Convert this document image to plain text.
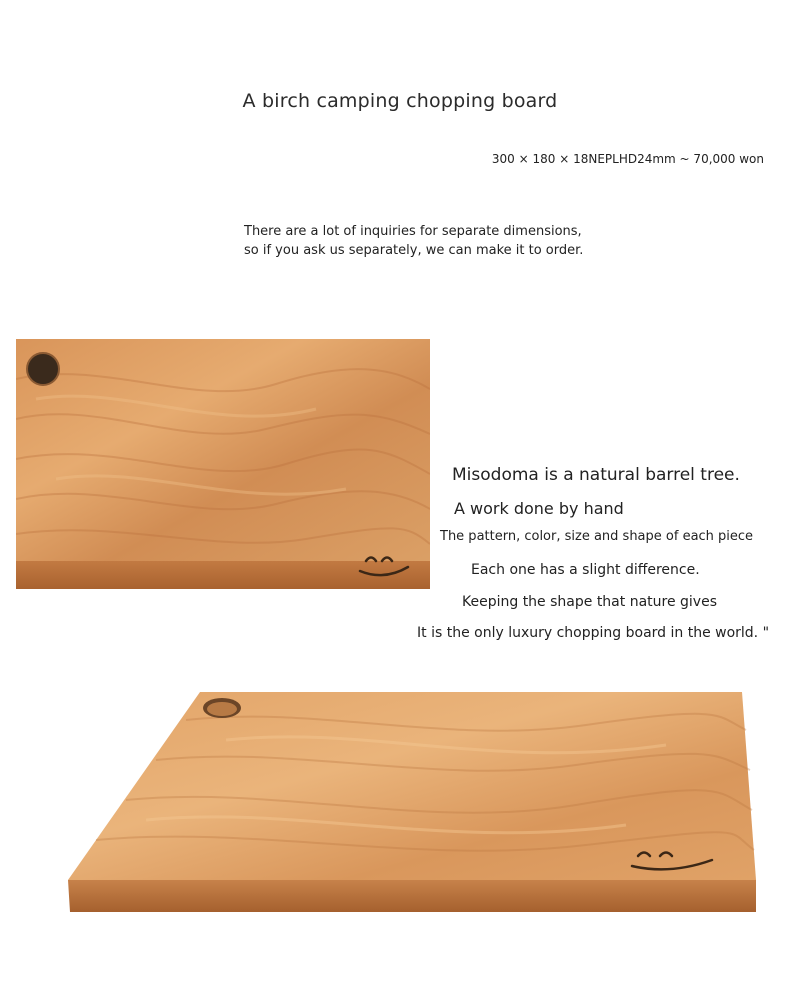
A birch camping chopping board
300 × 180 × 18NEPLHD24mm ~ 70,000 won
There are a lot of inquiries for separate dimensions,
so if you ask us separately, we can make it to order.
Misodoma is a natural barrel tree.
A work done by hand
The pattern, color, size and shape of each piece
Each one has a slight difference.
Keeping the shape that nature gives
It is the only luxury chopping board in the world. "
